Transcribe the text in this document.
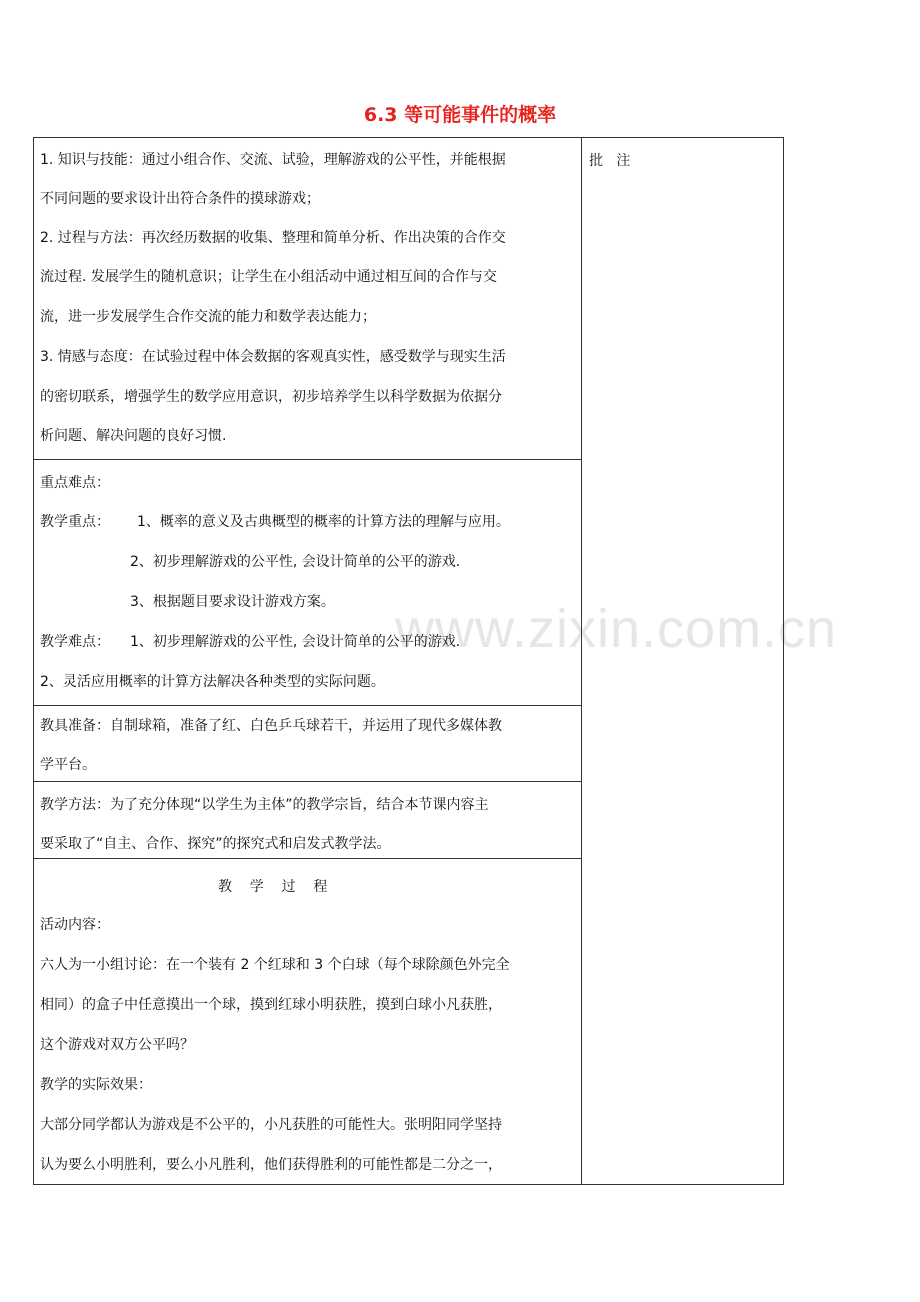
6.3 等可能事件的概率
www.zixin.com.cn
批   注
1. 知识与技能：通过小组合作、交流、试验，理解游戏的公平性，并能根据
不同问题的要求设计出符合条件的摸球游戏；
2. 过程与方法：再次经历数据的收集、整理和简单分析、作出决策的合作交
流过程. 发展学生的随机意识；让学生在小组活动中通过相互间的合作与交
流，进一步发展学生合作交流的能力和数学表达能力；
3. 情感与态度：在试验过程中体会数据的客观真实性，感受数学与现实生活
的密切联系，增强学生的数学应用意识，初步培养学生以科学数据为依据分
析问题、解决问题的良好习惯.
重点难点：
教学重点： 1、概率的意义及古典概型的概率的计算方法的理解与应用。
2、初步理解游戏的公平性, 会设计简单的公平的游戏.
3、根据题目要求设计游戏方案。
教学难点： 1、初步理解游戏的公平性, 会设计简单的公平的游戏.
2、灵活应用概率的计算方法解决各种类型的实际问题。
教具准备：自制球箱，准备了红、白色乒乓球若干，并运用了现代多媒体教
学平台。
教学方法：为了充分体现“以学生为主体”的教学宗旨，结合本节课内容主
要采取了“自主、合作、探究”的探究式和启发式教学法。
教    学    过    程
活动内容：
六人为一小组讨论：在一个装有 2 个红球和 3 个白球（每个球除颜色外完全
相同）的盒子中任意摸出一个球，摸到红球小明获胜，摸到白球小凡获胜，
这个游戏对双方公平吗？
教学的实际效果：
大部分同学都认为游戏是不公平的，小凡获胜的可能性大。张明阳同学坚持
认为要么小明胜利，要么小凡胜利，他们获得胜利的可能性都是二分之一，
